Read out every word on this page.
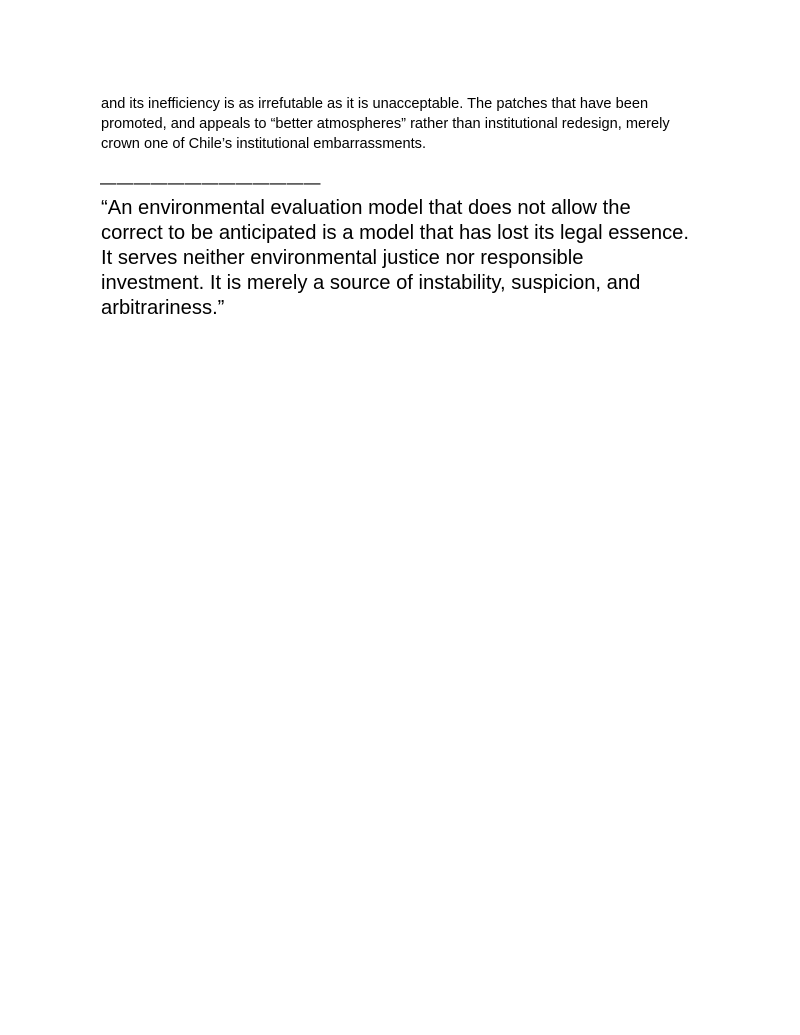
and its inefficiency is as irrefutable as it is unacceptable. The patches that have been
promoted, and appeals to “better atmospheres” rather than institutional redesign, merely
crown one of Chile’s institutional embarrassments.

—————————————

“An environmental evaluation model that does not allow the
correct to be anticipated is a model that has lost its legal essence.
It serves neither environmental justice nor responsible
investment. It is merely a source of instability, suspicion, and
arbitrariness.”
